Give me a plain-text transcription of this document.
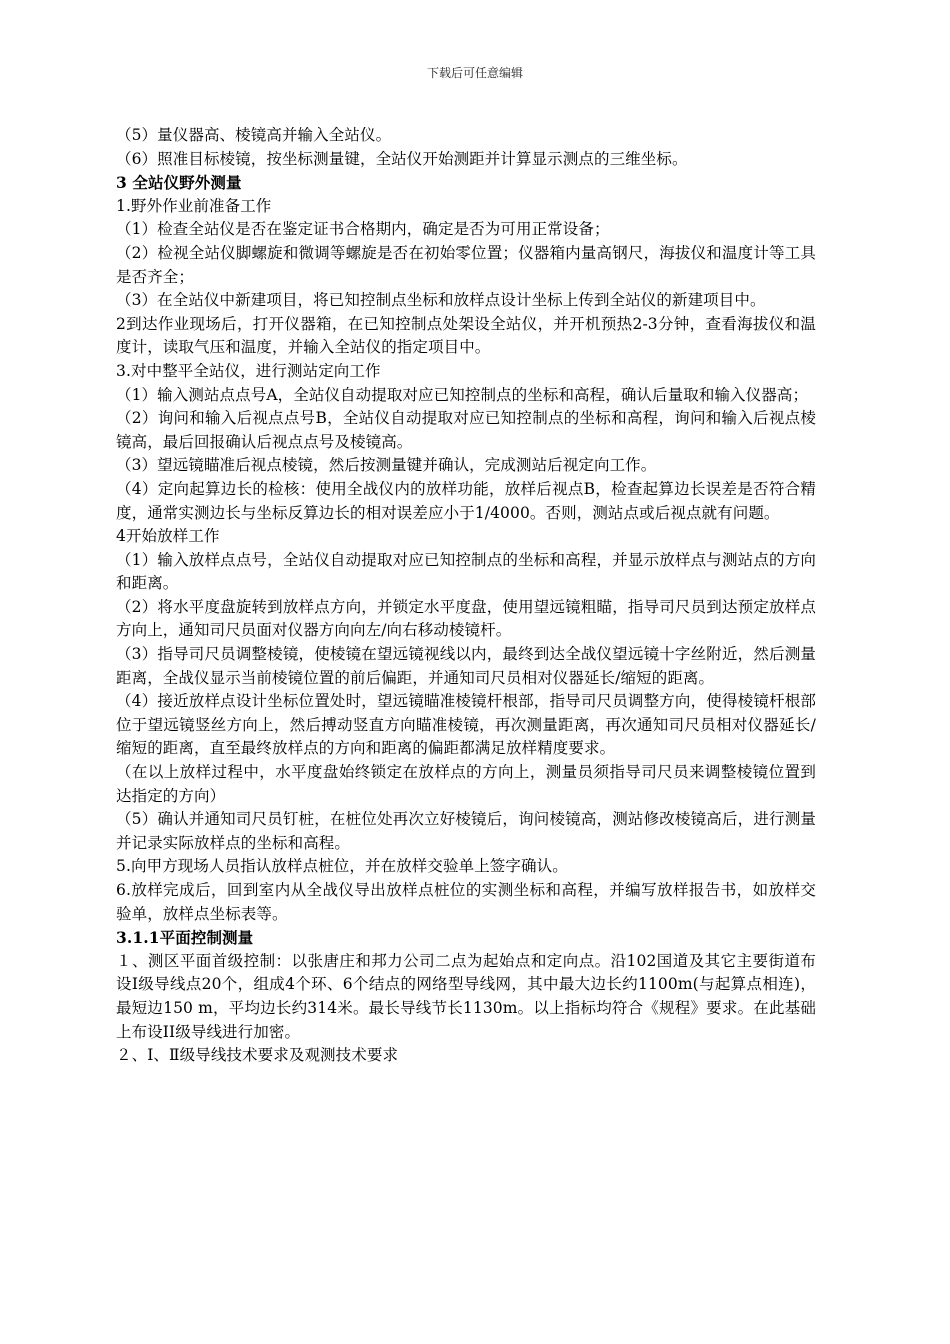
下载后可任意编辑

（5）量仪器高、棱镜高并输入全站仪。

（6）照准目标棱镜，按坐标测量键，全站仪开始测距并计算显示测点的三维坐标。

3 全站仪野外测量

1.野外作业前准备工作

（1）检查全站仪是否在鉴定证书合格期内，确定是否为可用正常设备；

（2）检视全站仪脚螺旋和微调等螺旋是否在初始零位置；仪器箱内量高钢尺，海拔仪和温度计等工具是否齐全；

（3）在全站仪中新建项目，将已知控制点坐标和放样点设计坐标上传到全站仪的新建项目中。

2到达作业现场后，打开仪器箱，在已知控制点处架设全站仪，并开机预热2-3分钟，查看海拔仪和温度计，读取气压和温度，并输入全站仪的指定项目中。

3.对中整平全站仪，进行测站定向工作

（1）输入测站点点号A，全站仪自动提取对应已知控制点的坐标和高程，确认后量取和输入仪器高；

（2）询问和输入后视点点号B，全站仪自动提取对应已知控制点的坐标和高程，询问和输入后视点棱镜高，最后回报确认后视点点号及棱镜高。

（3）望远镜瞄准后视点棱镜，然后按测量键并确认，完成测站后视定向工作。

（4）定向起算边长的检核：使用全战仪内的放样功能，放样后视点B，检查起算边长误差是否符合精度，通常实测边长与坐标反算边长的相对误差应小于1/4000。否则，测站点或后视点就有问题。

4开始放样工作

（1）输入放样点点号，全站仪自动提取对应已知控制点的坐标和高程，并显示放样点与测站点的方向和距离。

（2）将水平度盘旋转到放样点方向，并锁定水平度盘，使用望远镜粗瞄，指导司尺员到达预定放样点方向上，通知司尺员面对仪器方向向左/向右移动棱镜杆。

（3）指导司尺员调整棱镜，使棱镜在望远镜视线以内，最终到达全战仪望远镜十字丝附近，然后测量距离，全战仪显示当前棱镜位置的前后偏距，并通知司尺员相对仪器延长/缩短的距离。

（4）接近放样点设计坐标位置处时，望远镜瞄准棱镜杆根部，指导司尺员调整方向，使得棱镜杆根部位于望远镜竖丝方向上，然后搏动竖直方向瞄准棱镜，再次测量距离，再次通知司尺员相对仪器延长/缩短的距离，直至最终放样点的方向和距离的偏距都满足放样精度要求。

（在以上放样过程中，水平度盘始终锁定在放样点的方向上，测量员须指导司尺员来调整棱镜位置到达指定的方向）

（5）确认并通知司尺员钉桩，在桩位处再次立好棱镜后，询问棱镜高，测站修改棱镜高后，进行测量并记录实际放样点的坐标和高程。

5.向甲方现场人员指认放样点桩位，并在放样交验单上签字确认。

6.放样完成后，回到室内从全战仪导出放样点桩位的实测坐标和高程，并编写放样报告书，如放样交验单，放样点坐标表等。

3.1.1平面控制测量

１、测区平面首级控制：以张唐庄和邦力公司二点为起始点和定向点。沿102国道及其它主要街道布设Ⅰ级导线点20个，组成4个环、6个结点的网络型导线网，其中最大边长约1100m(与起算点相连)，最短边150 m，平均边长约314米。最长导线节长1130m。以上指标均符合《规程》要求。在此基础上布设II级导线进行加密。

２、Ⅰ、Ⅱ级导线技术要求及观测技术要求
